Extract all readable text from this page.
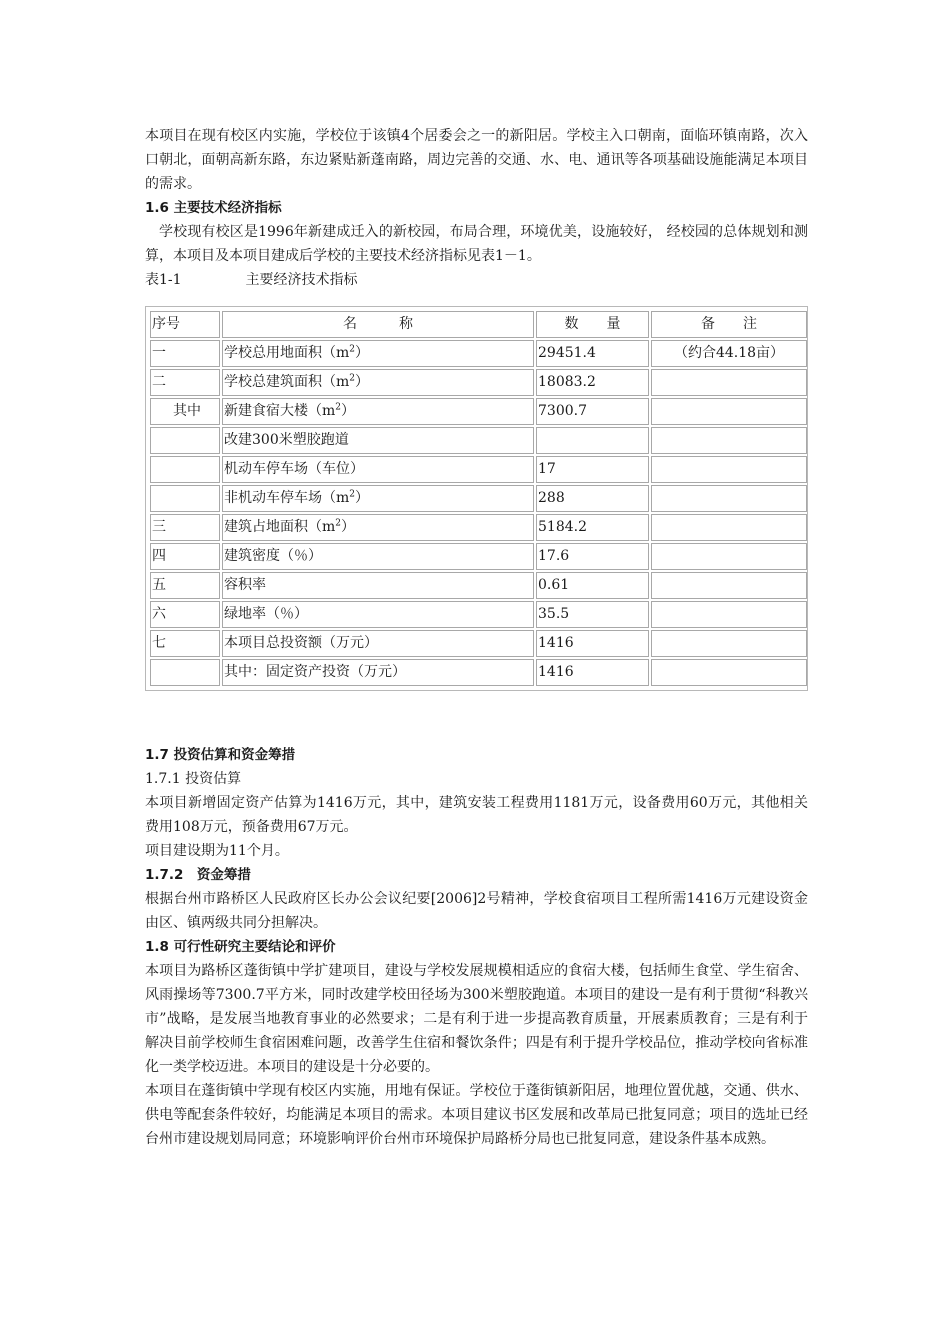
本项目在现有校区内实施，学校位于该镇4个居委会之一的新阳居。学校主入口朝南，面临环镇南路，次入口朝北，面朝高新东路，东边紧贴新蓬南路，周边完善的交通、水、电、通讯等各项基础设施能满足本项目的需求。

1.6 主要技术经济指标

学校现有校区是1996年新建成迁入的新校园，布局合理，环境优美，设施较好， 经校园的总体规划和测算，本项目及本项目建成后学校的主要技术经济指标见表1－1。

表1-1	主要经济技术指标

序号	名　　　称	数　　量	备　　注
一	学校总用地面积$(m^2)$	29451.4	（约合44.18亩）
二	学校总建筑面积$(m^2)$	18083.2	
其中	新建食宿大楼$(m^2)$	7300.7	
	改建300米塑胶跑道		
	机动车停车场（车位）	17	
	非机动车停车场$(m^2)$	288	
三	建筑占地面积$(m^2)$	5184.2	
四	建筑密度（％）	17.6	
五	容积率	0.61	
六	绿地率（％）	35.5	
七	本项目总投资额（万元）	1416	
	其中：固定资产投资（万元）	1416	

1.7 投资估算和资金筹措

1.7.1 投资估算

本项目新增固定资产估算为1416万元，其中，建筑安装工程费用1181万元，设备费用60万元，其他相关费用108万元，预备费用67万元。

项目建设期为11个月。

1.7.2　资金筹措

根据台州市路桥区人民政府区长办公会议纪要[2006]2号精神，学校食宿项目工程所需1416万元建设资金由区、镇两级共同分担解决。

1.8 可行性研究主要结论和评价

本项目为路桥区蓬街镇中学扩建项目，建设与学校发展规模相适应的食宿大楼，包括师生食堂、学生宿舍、风雨操场等7300.7平方米，同时改建学校田径场为300米塑胶跑道。本项目的建设一是有利于贯彻“科教兴市”战略，是发展当地教育事业的必然要求；二是有利于进一步提高教育质量，开展素质教育；三是有利于解决目前学校师生食宿困难问题，改善学生住宿和餐饮条件；四是有利于提升学校品位，推动学校向省标准化一类学校迈进。本项目的建设是十分必要的。

本项目在蓬街镇中学现有校区内实施，用地有保证。学校位于蓬街镇新阳居，地理位置优越，交通、供水、供电等配套条件较好，均能满足本项目的需求。本项目建议书区发展和改革局已批复同意；项目的选址已经台州市建设规划局同意；环境影响评价台州市环境保护局路桥分局也已批复同意，建设条件基本成熟。
